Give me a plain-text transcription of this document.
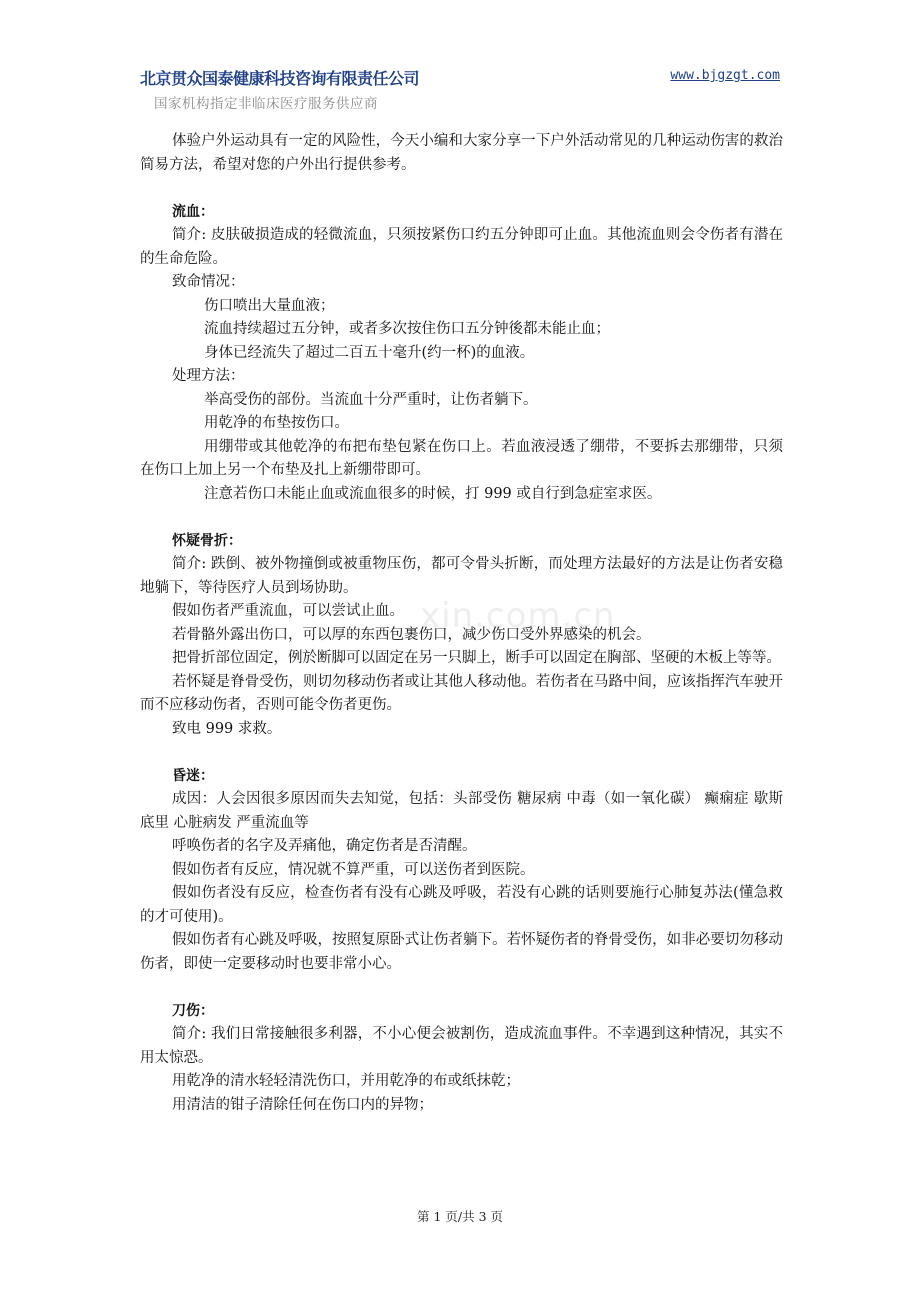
北京贯众国泰健康科技咨询有限责任公司	www.bjgzgt.com
国家机构指定非临床医疗服务供应商
xin.com.cn

体验户外运动具有一定的风险性，今天小编和大家分享一下户外活动常见的几种运动伤害的救治简易方法，希望对您的户外出行提供参考。

流血：

简介: 皮肤破损造成的轻微流血，只须按紧伤口约五分钟即可止血。其他流血则会令伤者有潜在的生命危险。

致命情况：

伤口喷出大量血液；

流血持续超过五分钟，或者多次按住伤口五分钟後都未能止血；

身体已经流失了超过二百五十毫升(约一杯)的血液。

处理方法：

举高受伤的部份。当流血十分严重时，让伤者躺下。

用乾净的布垫按伤口。

用绷带或其他乾净的布把布垫包紧在伤口上。若血液浸透了绷带，不要拆去那绷带，只须在伤口上加上另一个布垫及扎上新绷带即可。

注意若伤口未能止血或流血很多的时候，打 999 或自行到急症室求医。

怀疑骨折：

简介: 跌倒、被外物撞倒或被重物压伤，都可令骨头折断，而处理方法最好的方法是让伤者安稳地躺下，等待医疗人员到场协助。

假如伤者严重流血，可以尝试止血。

若骨骼外露出伤口，可以厚的东西包裹伤口，减少伤口受外界感染的机会。

把骨折部位固定，例於断脚可以固定在另一只脚上，断手可以固定在胸部、坚硬的木板上等等。

若怀疑是脊骨受伤，则切勿移动伤者或让其他人移动他。若伤者在马路中间，应该指挥汽车驶开而不应移动伤者，否则可能令伤者更伤。

致电 999 求救。

昏迷：

成因：人会因很多原因而失去知觉，包括：头部受伤 糖尿病 中毒（如一氧化碳） 癫痫症 歇斯底里 心脏病发 严重流血等

呼唤伤者的名字及弄痛他，确定伤者是否清醒。

假如伤者有反应，情况就不算严重，可以送伤者到医院。

假如伤者没有反应，检查伤者有没有心跳及呼吸，若没有心跳的话则要施行心肺复苏法(懂急救的才可使用)。

假如伤者有心跳及呼吸，按照复原卧式让伤者躺下。若怀疑伤者的脊骨受伤，如非必要切勿移动伤者，即使一定要移动时也要非常小心。

刀伤：

简介: 我们日常接触很多利器，不小心便会被割伤，造成流血事件。不幸遇到这种情况，其实不用太惊恐。

用乾净的清水轻轻清洗伤口，并用乾净的布或纸抹乾；

用清洁的钳子清除任何在伤口内的异物；

第 1 页/共 3 页
